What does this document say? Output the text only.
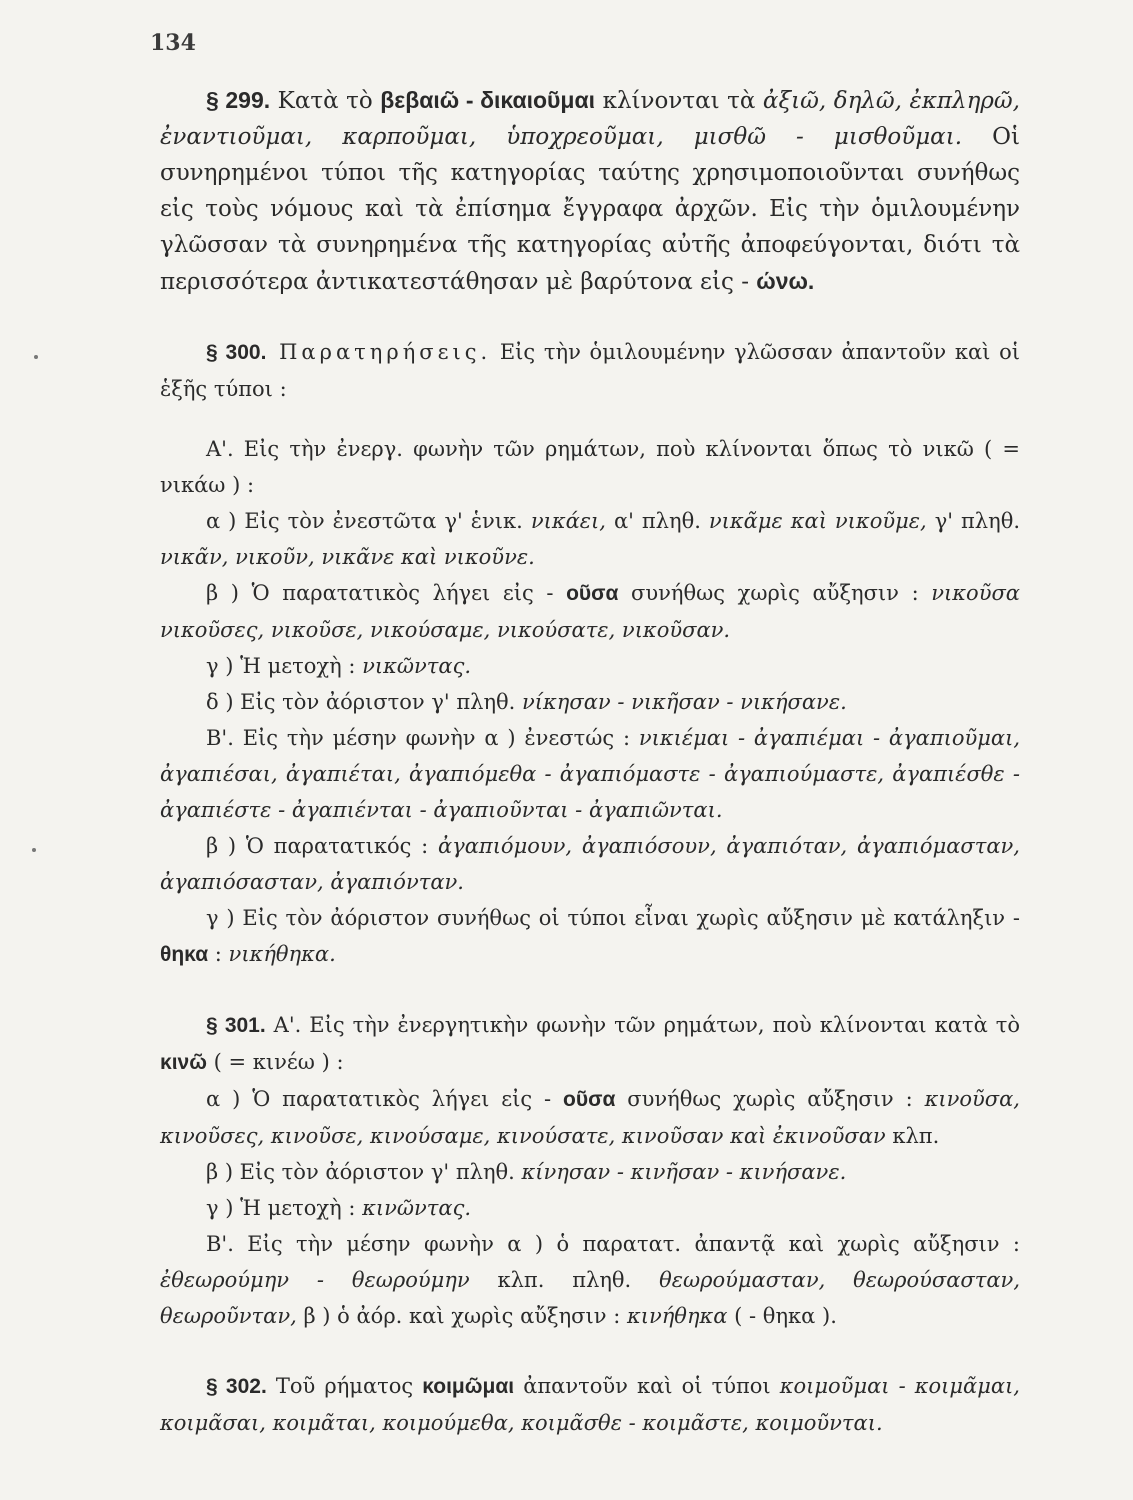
134

§ 299. Κατὰ τὸ βεβαιῶ - δικαιοῦμαι κλίνονται τὰ ἀξιῶ, δηλῶ, ἐκπληρῶ, ἐναντιοῦμαι, καρποῦμαι, ὑποχρεοῦμαι, μισθῶ - μισθοῦμαι. Οἱ συνηρημένοι τύποι τῆς κατηγορίας ταύτης χρησιμοποιοῦνται συνήθως εἰς τοὺς νόμους καὶ τὰ ἐπίσημα ἔγγραφα ἀρχῶν. Εἰς τὴν ὁμιλουμένην γλῶσσαν τὰ συνηρημένα τῆς κατηγορίας αὐτῆς ἀποφεύγονται, διότι τὰ περισσότερα ἀντικατεστάθησαν μὲ βαρύτονα εἰς - ώνω.

§ 300. Παρατηρήσεις. Εἰς τὴν ὁμιλουμένην γλῶσσαν ἀπαντοῦν καὶ οἱ ἑξῆς τύποι :

Α'. Εἰς τὴν ἐνεργ. φωνὴν τῶν ρημάτων, ποὺ κλίνονται ὅπως τὸ νικῶ ( = νικάω ) :

α ) Εἰς τὸν ἐνεστῶτα γ' ἑνικ. νικάει, α' πληθ. νικᾶμε καὶ νικοῦμε, γ' πληθ. νικᾶν, νικοῦν, νικᾶνε καὶ νικοῦνε.

β ) Ὁ παρατατικὸς λήγει εἰς - οῦσα συνήθως χωρὶς αὔξησιν : νικοῦσα νικοῦσες, νικοῦσε, νικούσαμε, νικούσατε, νικοῦσαν.

γ ) Ἡ μετοχὴ : νικῶντας.

δ ) Εἰς τὸν ἀόριστον γ' πληθ. νίκησαν - νικῆσαν - νικήσανε.

Β'. Εἰς τὴν μέσην φωνὴν α ) ἐνεστώς : νικιέμαι - ἀγαπιέμαι - ἀγαπιοῦμαι, ἀγαπιέσαι, ἀγαπιέται, ἀγαπιόμεθα - ἀγαπιόμαστε - ἀγαπιούμαστε, ἀγαπιέσθε - ἀγαπιέστε - ἀγαπιένται - ἀγαπιοῦνται - ἀγαπιῶνται.

β ) Ὁ παρατατικός : ἀγαπιόμουν, ἀγαπιόσουν, ἀγαπιόταν, ἀγαπιόμασταν, ἀγαπιόσασταν, ἀγαπιόνταν.

γ ) Εἰς τὸν ἀόριστον συνήθως οἱ τύποι εἶναι χωρὶς αὔξησιν μὲ κατάληξιν - θηκα : νικήθηκα.

§ 301. Α'. Εἰς τὴν ἐνεργητικὴν φωνὴν τῶν ρημάτων, ποὺ κλίνονται κατὰ τὸ κινῶ ( = κινέω ) :

α ) Ὁ παρατατικὸς λήγει εἰς - οῦσα συνήθως χωρὶς αὔξησιν : κινοῦσα, κινοῦσες, κινοῦσε, κινούσαμε, κινούσατε, κινοῦσαν καὶ ἐκινοῦσαν κλπ.

β ) Εἰς τὸν ἀόριστον γ' πληθ. κίνησαν - κινῆσαν - κινήσανε.

γ ) Ἡ μετοχὴ : κινῶντας.

Β'. Εἰς τὴν μέσην φωνὴν α ) ὁ παρατατ. ἀπαντᾷ καὶ χωρὶς αὔξησιν : ἐθεωρούμην - θεωρούμην κλπ. πληθ. θεωρούμασταν, θεωρούσασταν, θεωροῦνταν, β ) ὁ ἀόρ. καὶ χωρὶς αὔξησιν : κινήθηκα ( - θηκα ).

§ 302. Τοῦ ρήματος κοιμῶμαι ἀπαντοῦν καὶ οἱ τύποι κοιμοῦμαι - κοιμᾶμαι, κοιμᾶσαι, κοιμᾶται, κοιμούμεθα, κοιμᾶσθε - κοιμᾶστε, κοιμοῦνται.
